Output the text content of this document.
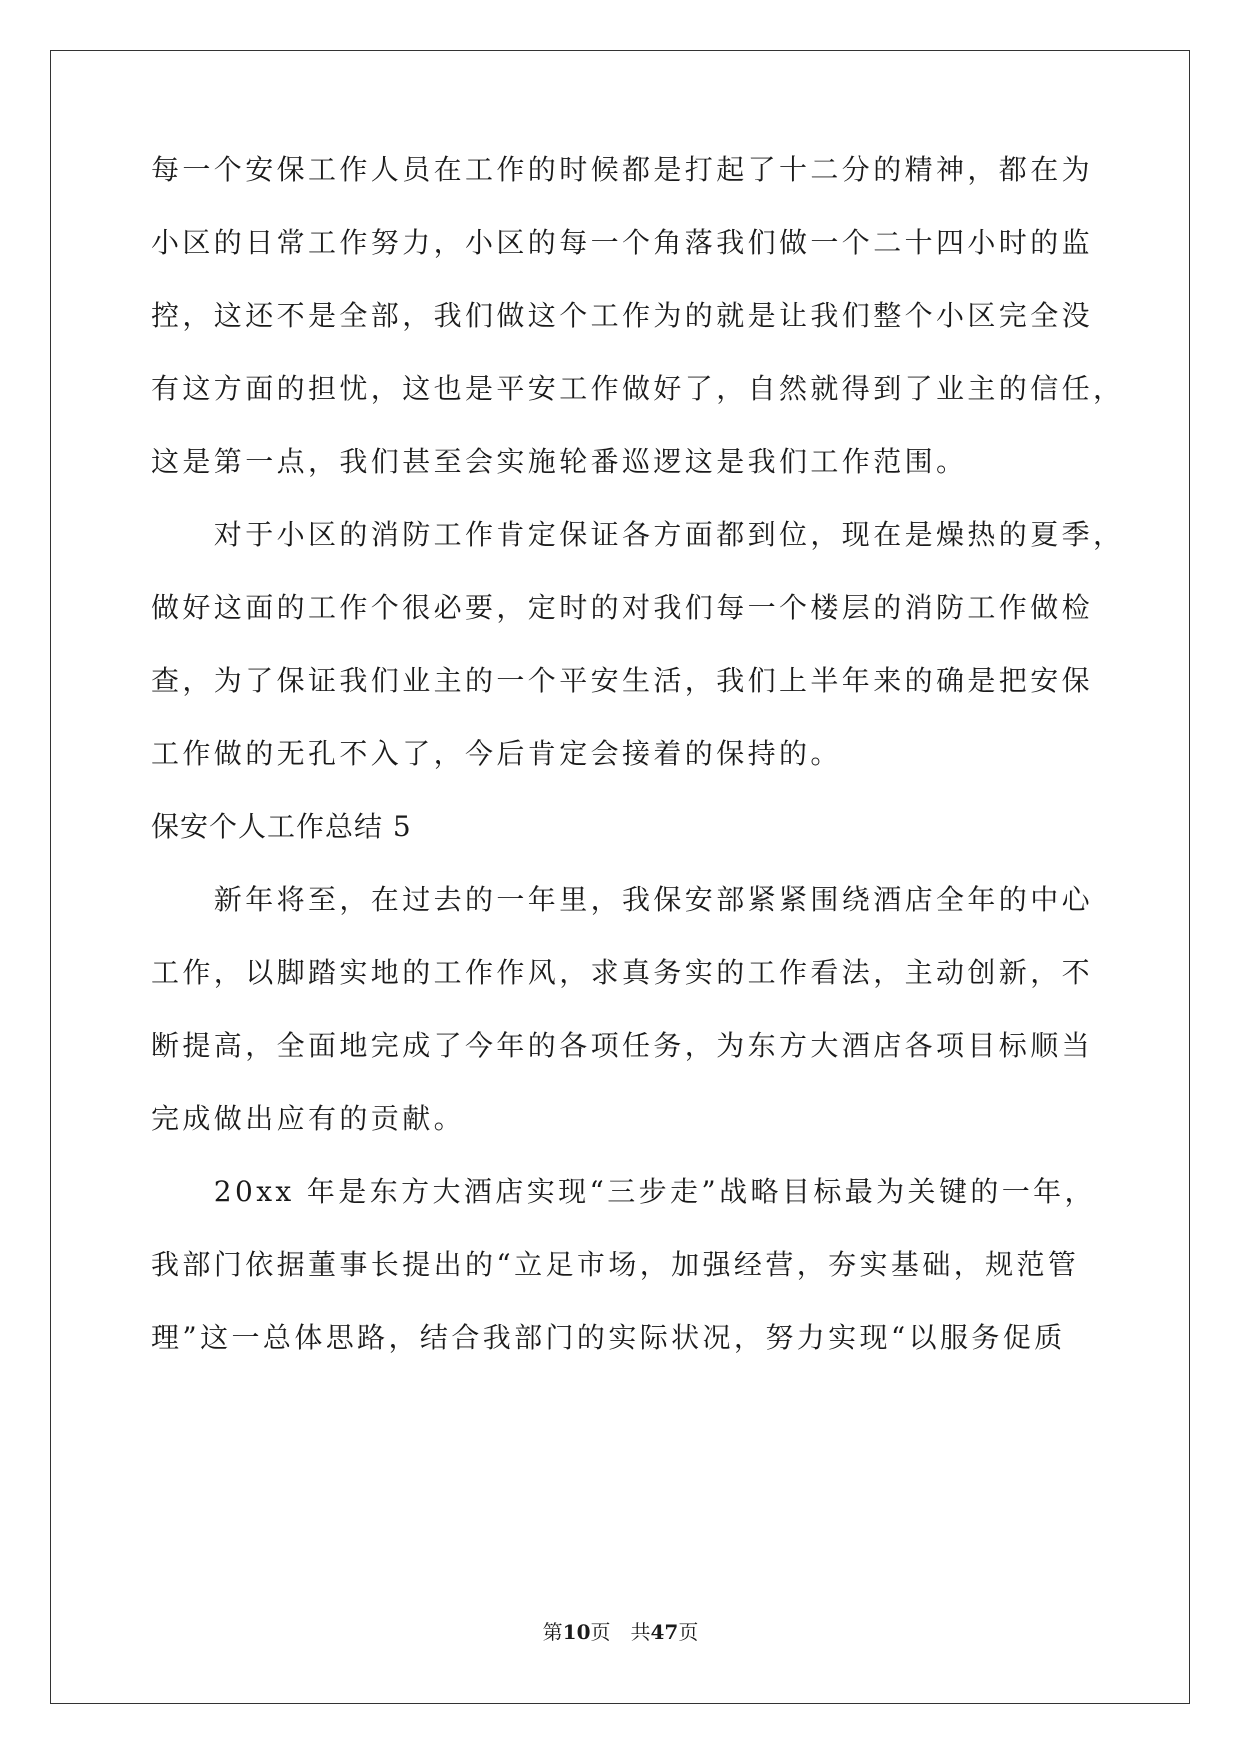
每一个安保工作人员在工作的时候都是打起了十二分的精神，都在为
小区的日常工作努力，小区的每一个角落我们做一个二十四小时的监
控，这还不是全部，我们做这个工作为的就是让我们整个小区完全没
有这方面的担忧，这也是平安工作做好了，自然就得到了业主的信任，
这是第一点，我们甚至会实施轮番巡逻这是我们工作范围。
　　对于小区的消防工作肯定保证各方面都到位，现在是燥热的夏季，
做好这面的工作个很必要，定时的对我们每一个楼层的消防工作做检
查，为了保证我们业主的一个平安生活，我们上半年来的确是把安保
工作做的无孔不入了，今后肯定会接着的保持的。
保安个人工作总结 5
　　新年将至，在过去的一年里，我保安部紧紧围绕酒店全年的中心
工作，以脚踏实地的工作作风，求真务实的工作看法，主动创新，不
断提高，全面地完成了今年的各项任务，为东方大酒店各项目标顺当
完成做出应有的贡献。
　　20xx 年是东方大酒店实现“三步走”战略目标最为关键的一年，
我部门依据董事长提出的“立足市场，加强经营，夯实基础，规范管
理”这一总体思路，结合我部门的实际状况，努力实现“以服务促质
第10页　共47页
